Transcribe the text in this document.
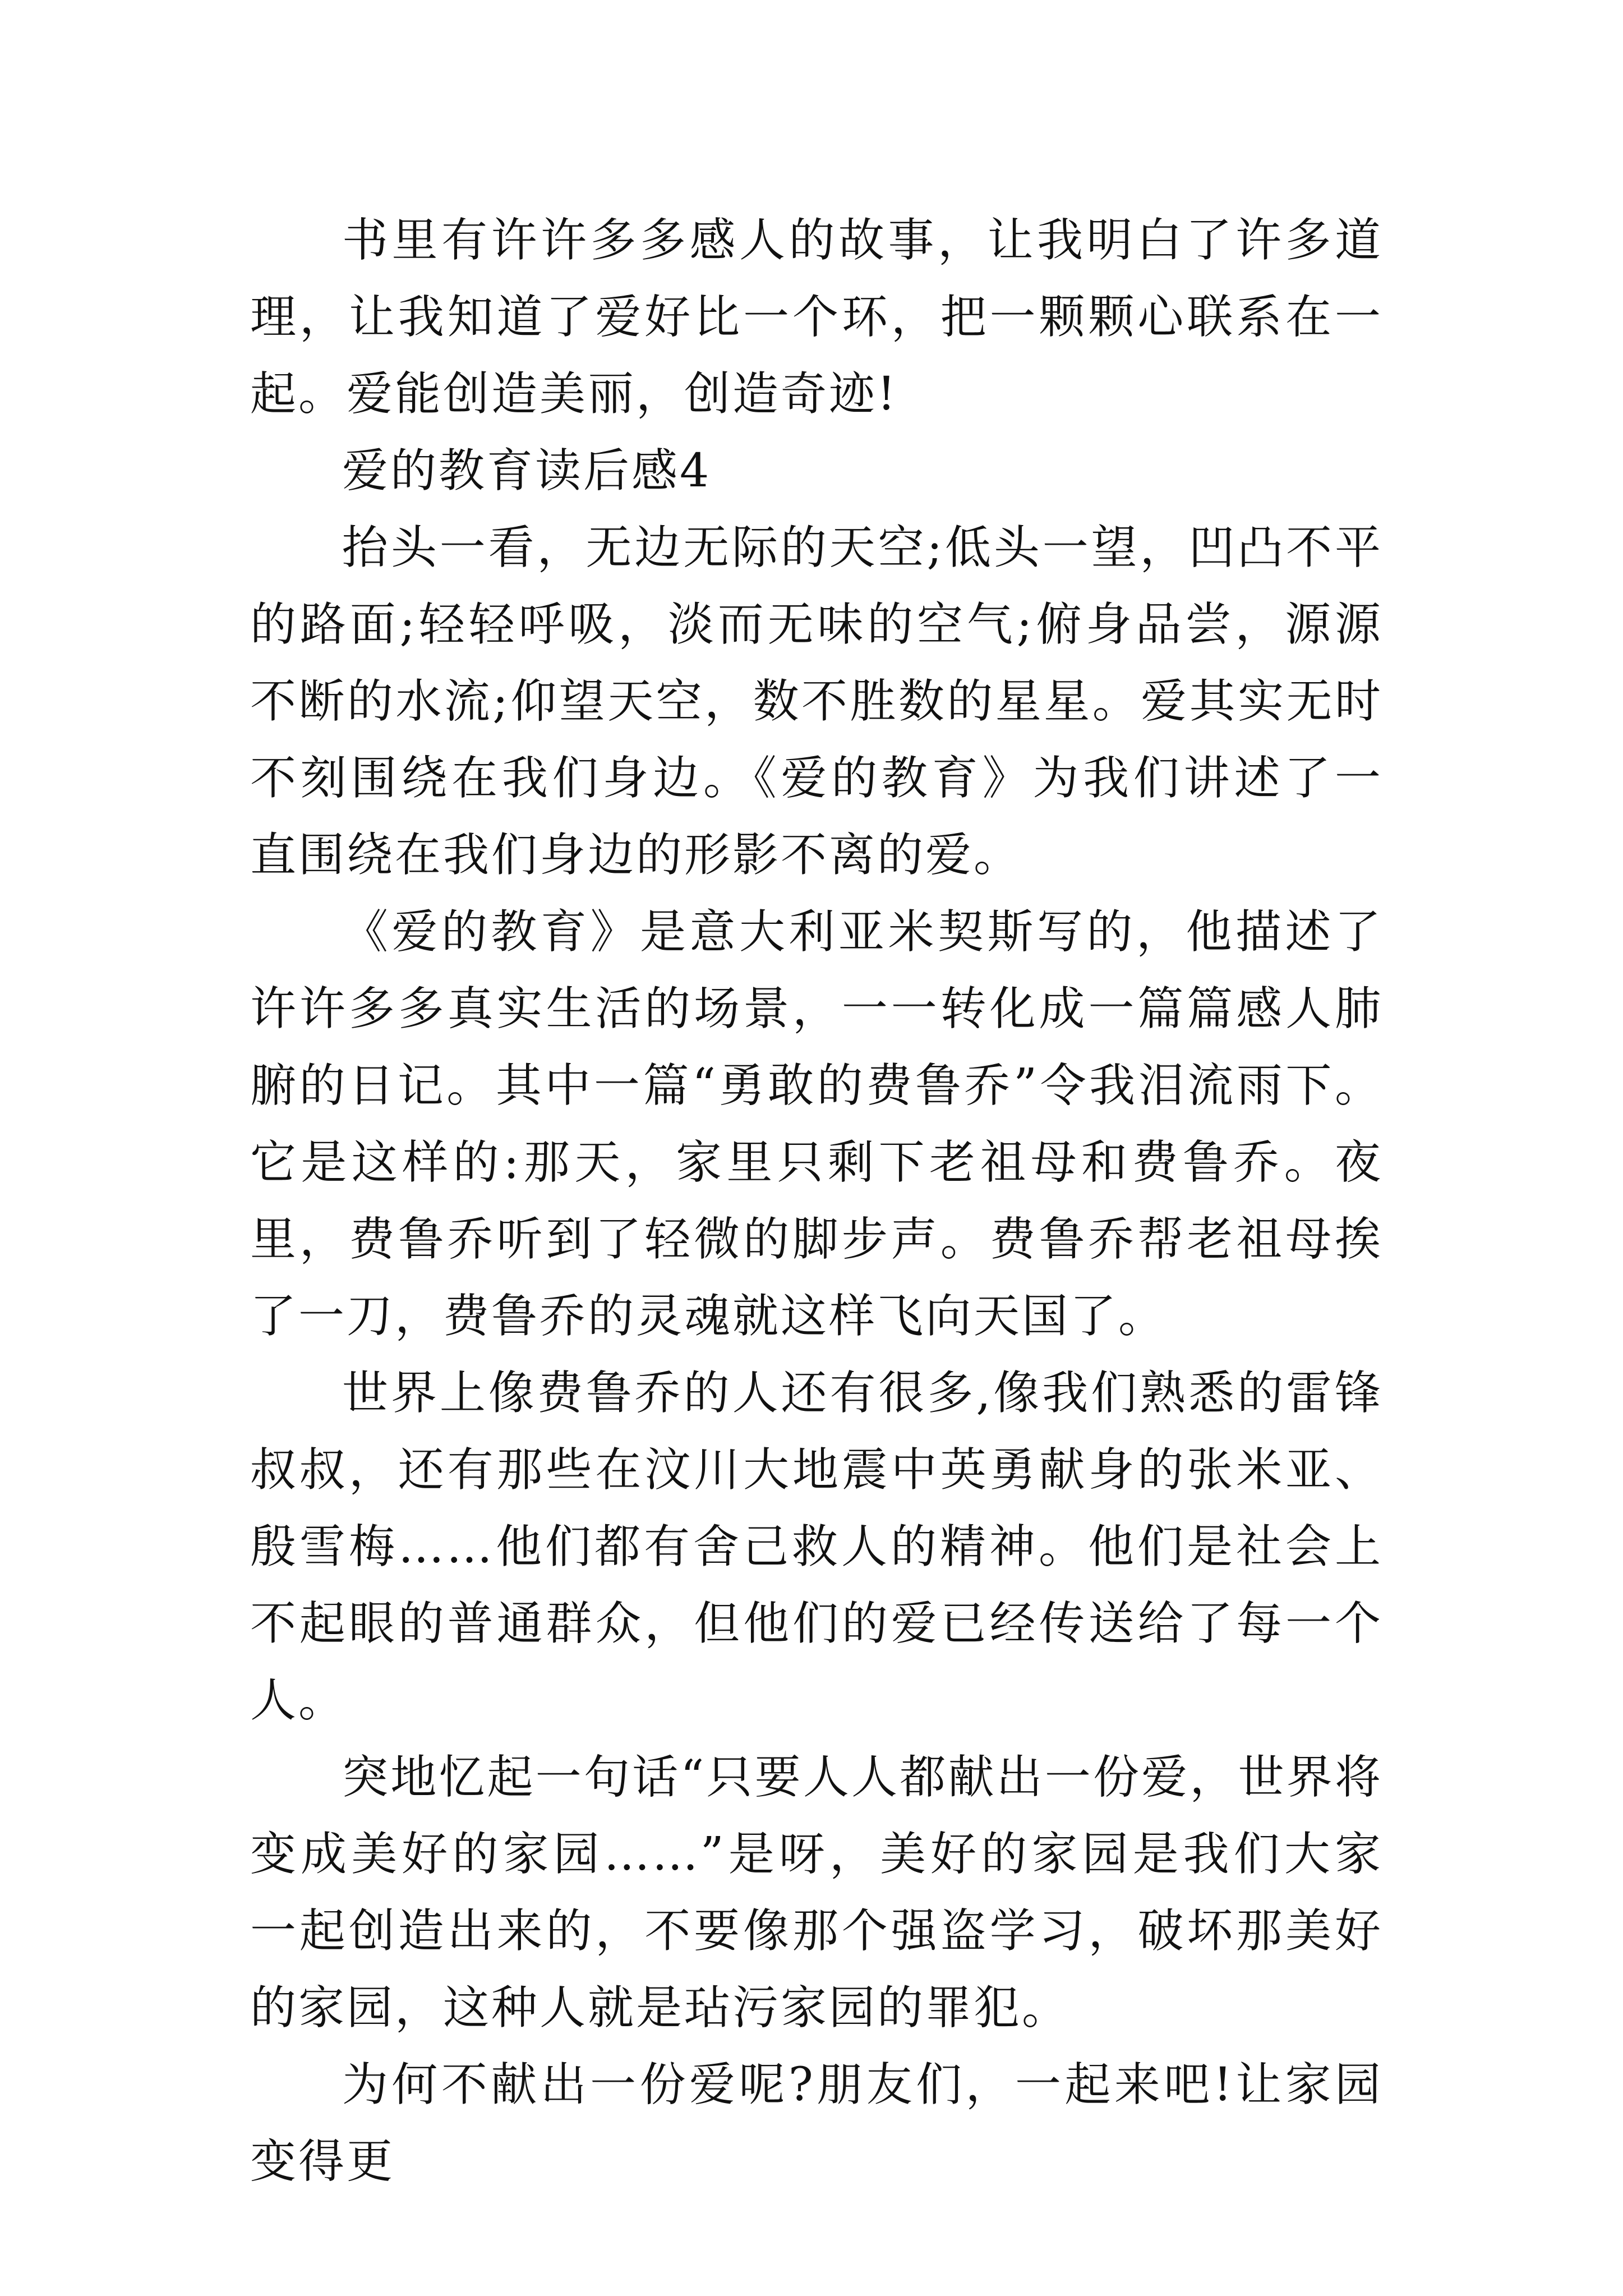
书里有许许多多感人的故事，让我明白了许多道理，让我知道了爱好比一个环，把一颗颗心联系在一起。爱能创造美丽，创造奇迹!

爱的教育读后感4

抬头一看，无边无际的天空;低头一望，凹凸不平的路面;轻轻呼吸，淡而无味的空气;俯身品尝，源源不断的水流;仰望天空，数不胜数的星星。爱其实无时不刻围绕在我们身边。《爱的教育》为我们讲述了一直围绕在我们身边的形影不离的爱。

《爱的教育》是意大利亚米契斯写的，他描述了许许多多真实生活的场景，一一转化成一篇篇感人肺腑的日记。其中一篇“勇敢的费鲁乔”令我泪流雨下。它是这样的:那天，家里只剩下老祖母和费鲁乔。夜里，费鲁乔听到了轻微的脚步声。费鲁乔帮老祖母挨了一刀，费鲁乔的灵魂就这样飞向天国了。

世界上像费鲁乔的人还有很多,像我们熟悉的雷锋叔叔，还有那些在汶川大地震中英勇献身的张米亚、殷雪梅……他们都有舍己救人的精神。他们是社会上不起眼的普通群众，但他们的爱已经传送给了每一个人。

突地忆起一句话“只要人人都献出一份爱，世界将变成美好的家园……”是呀，美好的家园是我们大家一起创造出来的，不要像那个强盗学习，破坏那美好的家园，这种人就是玷污家园的罪犯。

为何不献出一份爱呢?朋友们，一起来吧!让家园变得更
